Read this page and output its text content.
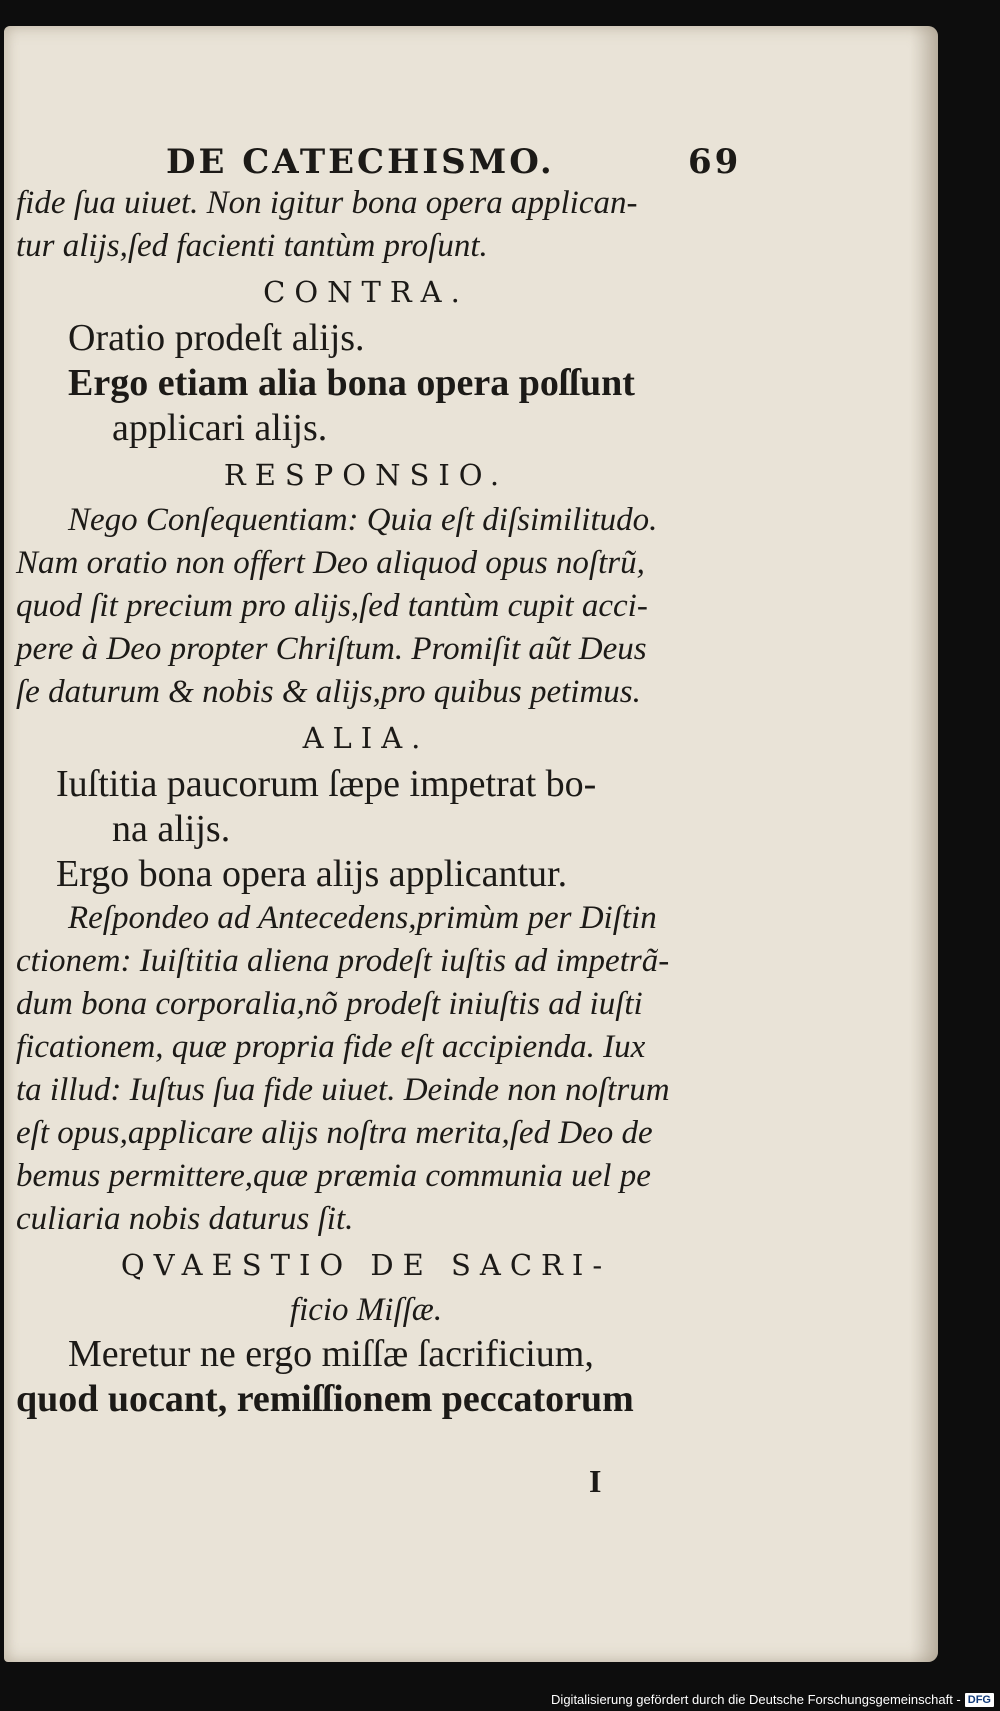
DE CATECHISMO.	69
fide ſua uiuet. Non igitur bona opera applican-
tur alijs,ſed facienti tantùm proſunt.
CONTRA.
Oratio prodeſt alijs.
Ergo etiam alia bona opera poſſunt
applicari alijs.
RESPONSIO.
Nego Conſequentiam: Quia eſt diſsimilitudo.
Nam oratio non offert Deo aliquod opus noſtrũ,
quod ſit precium pro alijs,ſed tantùm cupit acci-
pere à Deo propter Chriſtum. Promiſit aũt Deus
ſe daturum & nobis & alijs,pro quibus petimus.
ALIA.
Iuſtitia paucorum ſæpe impetrat bo-
na alijs.
Ergo bona opera alijs applicantur.
Reſpondeo ad Antecedens,primùm per Diſtin
ctionem: Iuiſtitia aliena prodeſt iuſtis ad impetrã-
dum bona corporalia,nõ prodeſt iniuſtis ad iuſti
ficationem, quæ propria fide eſt accipienda. Iux
ta illud: Iuſtus ſua fide uiuet. Deinde non noſtrum
eſt opus,applicare alijs noſtra merita,ſed Deo de
bemus permittere,quæ præmia communia uel pe
culiaria nobis daturus ſit.
QVAESTIO DE SACRI-
ficio Miſſæ.
Meretur ne ergo miſſæ ſacrificium,
quod uocant, remiſſionem peccatorum
I
Digitalisierung gefördert durch die Deutsche Forschungsgemeinschaft - DFG
